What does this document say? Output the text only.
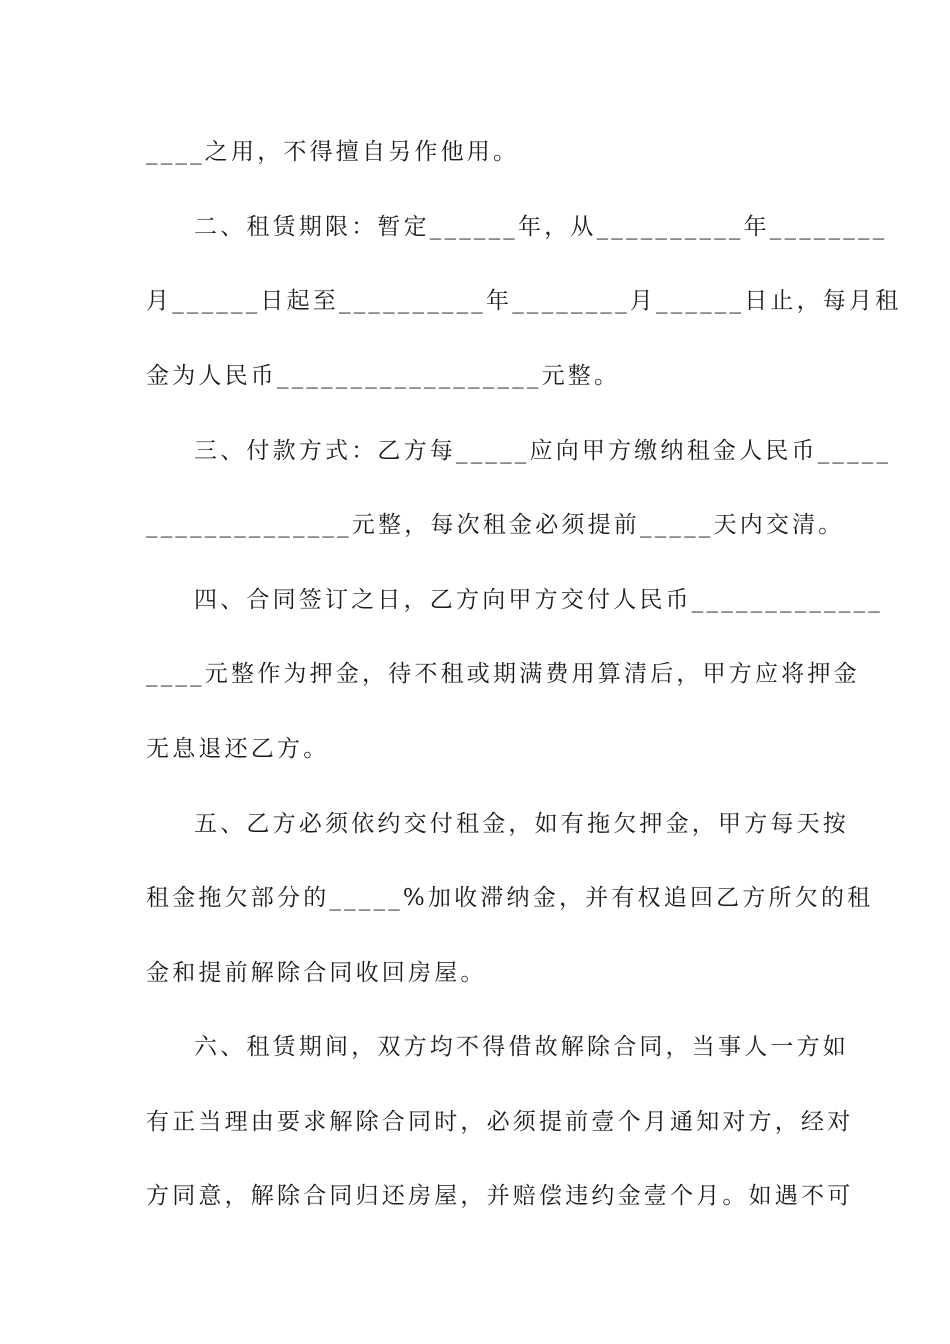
____之用，不得擅自另作他用。
二、租赁期限：暂定______年，从__________年________
月______日起至__________年________月______日止，每月租
金为人民币__________________元整。
三、付款方式：乙方每_____应向甲方缴纳租金人民币_____
______________元整，每次租金必须提前_____天内交清。
四、合同签订之日，乙方向甲方交付人民币_____________
____元整作为押金，待不租或期满费用算清后，甲方应将押金
无息退还乙方。
五、乙方必须依约交付租金，如有拖欠押金，甲方每天按
租金拖欠部分的_____%加收滞纳金，并有权追回乙方所欠的租
金和提前解除合同收回房屋。
六、租赁期间，双方均不得借故解除合同，当事人一方如
有正当理由要求解除合同时，必须提前壹个月通知对方，经对
方同意，解除合同归还房屋，并赔偿违约金壹个月。如遇不可
